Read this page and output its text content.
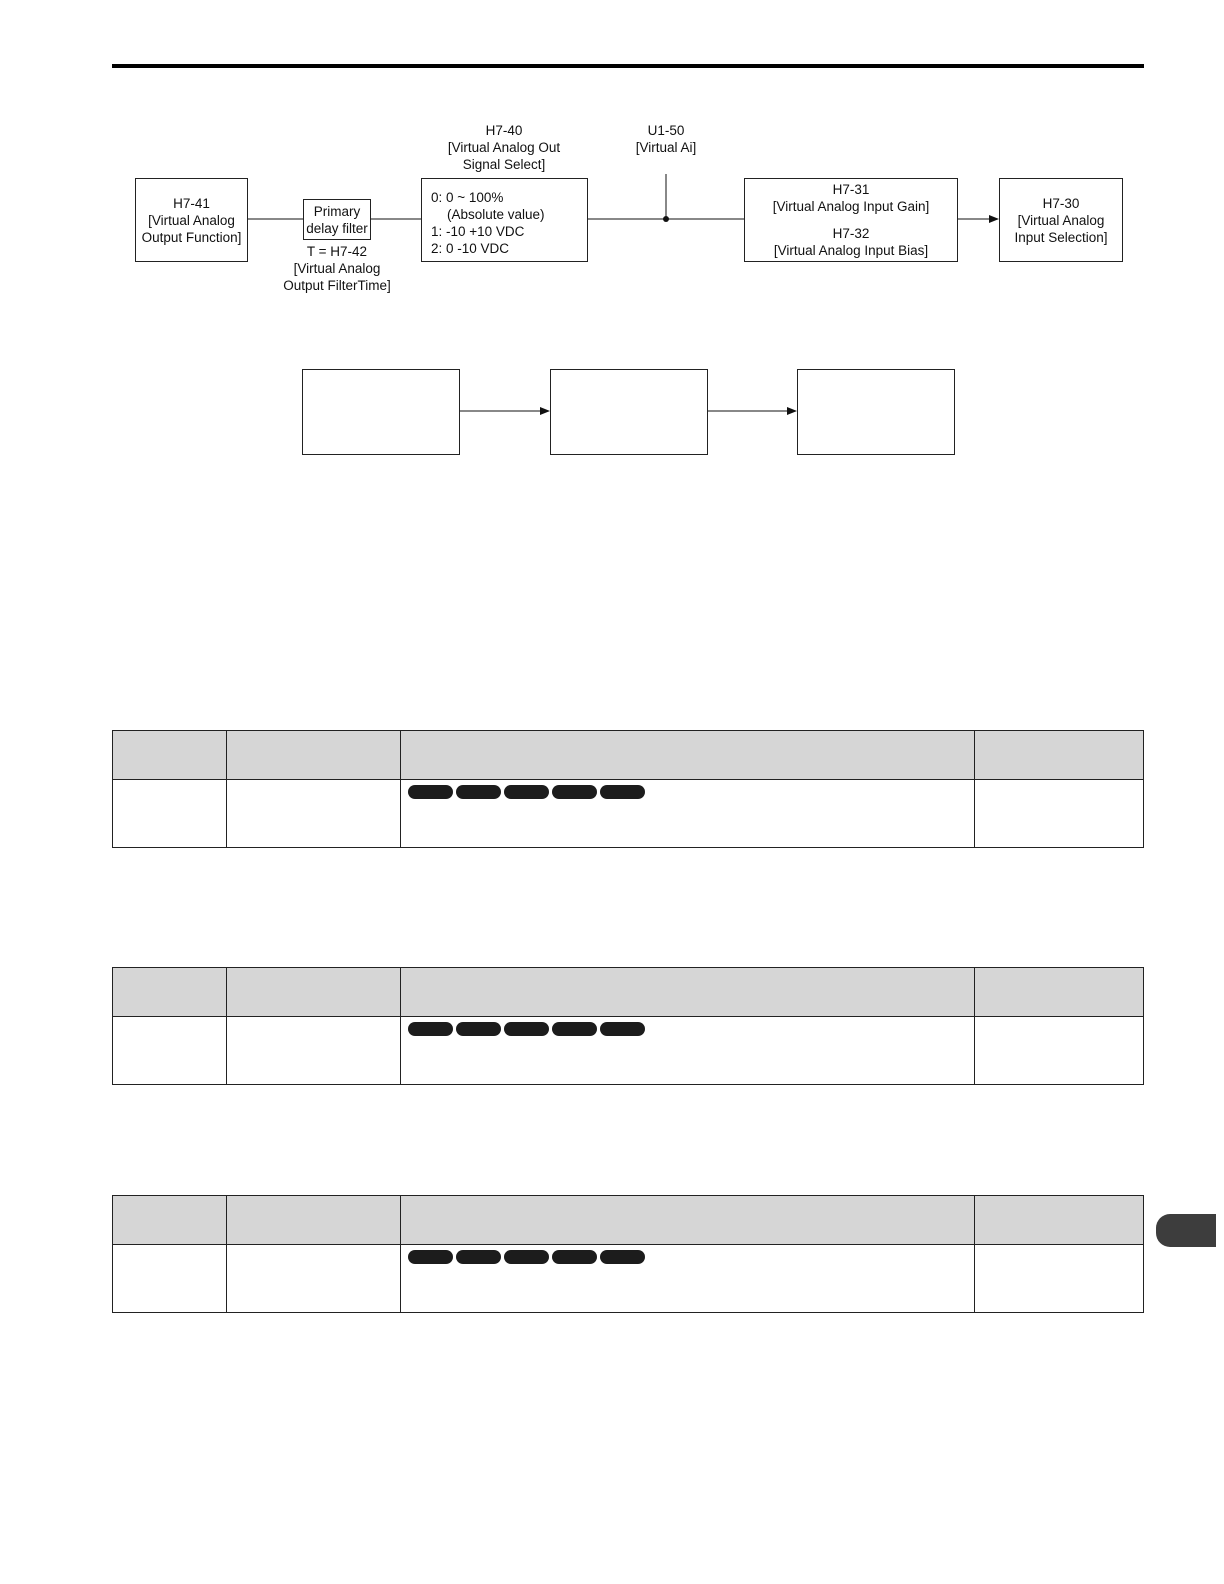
H7-41
[Virtual Analog
Output Function]
Primary
delay filter
T = H7-42
[Virtual Analog
Output FilterTime]
H7-40
[Virtual Analog Out
Signal Select]
0: 0 ~ 100%
(Absolute value)
1: -10 +10 VDC
2: 0 -10 VDC
U1-50
[Virtual Ai]
H7-31
[Virtual Analog Input Gain]
H7-32
[Virtual Analog Input Bias]
H7-30
[Virtual Analog
Input Selection]
